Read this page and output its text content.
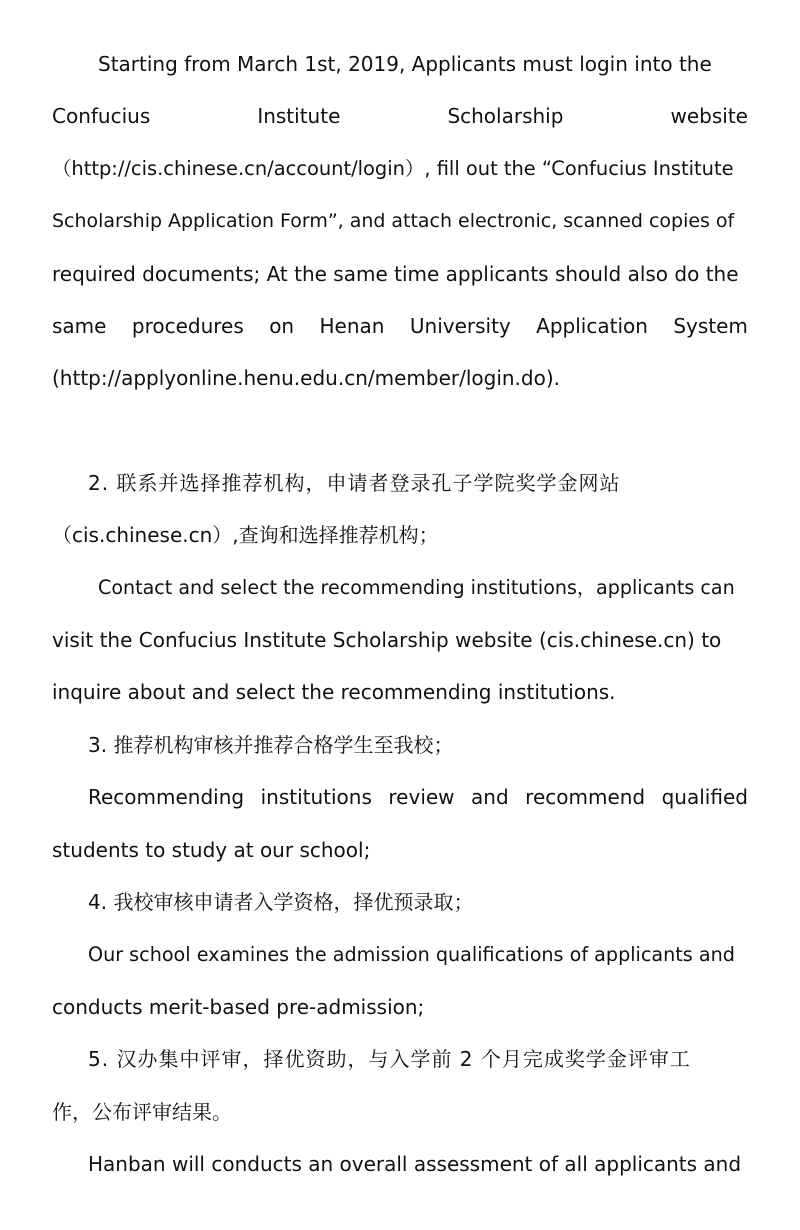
Starting from March 1st, 2019, Applicants must login into the
Confucius	Institute	Scholarship	website
（http://cis.chinese.cn/account/login）, fill out the “Confucius Institute
Scholarship Application Form”, and attach electronic, scanned copies of
required documents; At the same time applicants should also do the
same procedures on Henan University Application System
(http://applyonline.henu.edu.cn/member/login.do).
2. 联系并选择推荐机构，申请者登录孔子学院奖学金网站
（cis.chinese.cn）,查询和选择推荐机构；
Contact and select the recommending institutions，applicants can
visit the Confucius Institute Scholarship website (cis.chinese.cn) to
inquire about and select the recommending institutions.
3. 推荐机构审核并推荐合格学生至我校；
Recommending institutions review and recommend qualified
students to study at our school;
4. 我校审核申请者入学资格，择优预录取；
Our school examines the admission qualifications of applicants and
conducts merit-based pre-admission;
5. 汉办集中评审，择优资助，与入学前 2 个月完成奖学金评审工
作，公布评审结果。
Hanban will conducts an overall assessment of all applicants and
